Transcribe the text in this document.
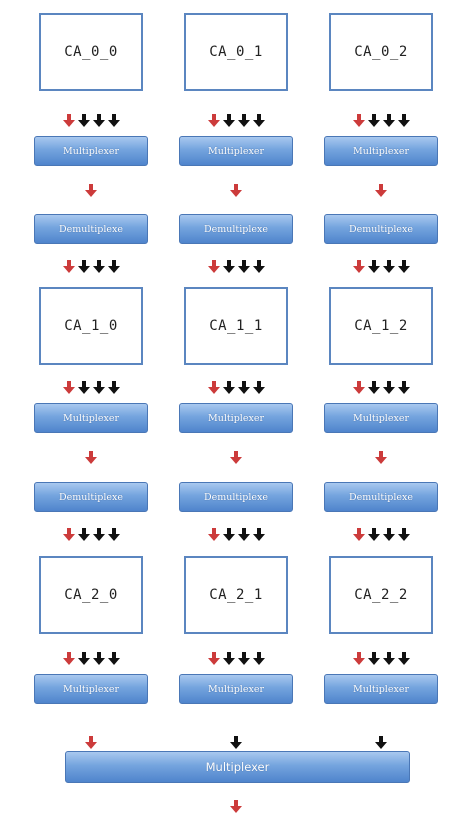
CA_0_0
Multiplexer
Demultiplexe
CA_0_1
Multiplexer
Demultiplexe
CA_0_2
Multiplexer
Demultiplexe
CA_1_0
Multiplexer
Demultiplexe
CA_1_1
Multiplexer
Demultiplexe
CA_1_2
Multiplexer
Demultiplexe
CA_2_0
Multiplexer
CA_2_1
Multiplexer
CA_2_2
Multiplexer
Multiplexer
